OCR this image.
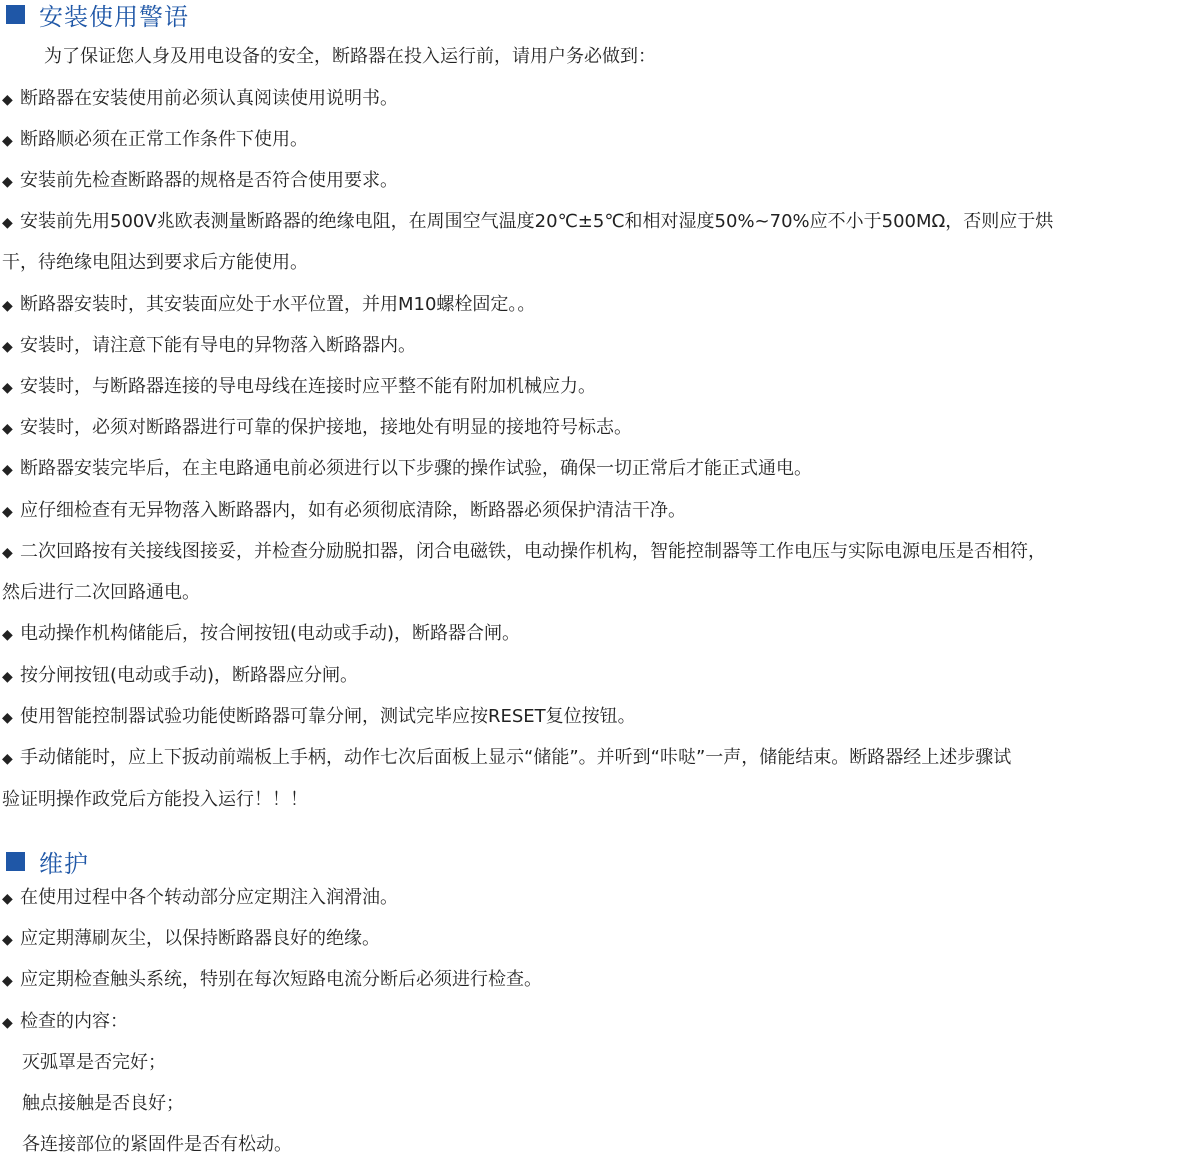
安装使用警语
为了保证您人身及用电设备的安全，断路器在投入运行前，请用户务必做到：
◆ 断路器在安装使用前必须认真阅读使用说明书。
◆ 断路顺必须在正常工作条件下使用。
◆ 安装前先检查断路器的规格是否符合使用要求。
◆ 安装前先用500V兆欧表测量断路器的绝缘电阻，在周围空气温度20℃±5℃和相对湿度50%~70%应不小于500MΩ，否则应于烘
干，待绝缘电阻达到要求后方能使用。
◆ 断路器安装时，其安装面应处于水平位置，并用M10螺栓固定。。
◆ 安装时，请注意下能有导电的异物落入断路器内。
◆ 安装时，与断路器连接的导电母线在连接时应平整不能有附加机械应力。
◆ 安装时，必须对断路器进行可靠的保护接地，接地处有明显的接地符号标志。
◆ 断路器安装完毕后，在主电路通电前必须进行以下步骤的操作试验，确保一切正常后才能正式通电。
◆ 应仔细检查有无异物落入断路器内，如有必须彻底清除，断路器必须保护清洁干净。
◆ 二次回路按有关接线图接妥，并检查分励脱扣器，闭合电磁铁，电动操作机构，智能控制器等工作电压与实际电源电压是否相符，
然后进行二次回路通电。
◆ 电动操作机构储能后，按合闸按钮(电动或手动)，断路器合闸。
◆ 按分闸按钮(电动或手动)，断路器应分闸。
◆ 使用智能控制器试验功能使断路器可靠分闸，测试完毕应按RESET复位按钮。
◆ 手动储能时，应上下扳动前端板上手柄，动作七次后面板上显示“储能”。并听到“咔哒”一声，储能结束。断路器经上述步骤试
验证明操作政党后方能投入运行！！！
维护
◆ 在使用过程中各个转动部分应定期注入润滑油。
◆ 应定期薄刷灰尘，以保持断路器良好的绝缘。
◆ 应定期检查触头系统，特别在每次短路电流分断后必须进行检查。
◆ 检查的内容：
灭弧罩是否完好；
触点接触是否良好；
各连接部位的紧固件是否有松动。
